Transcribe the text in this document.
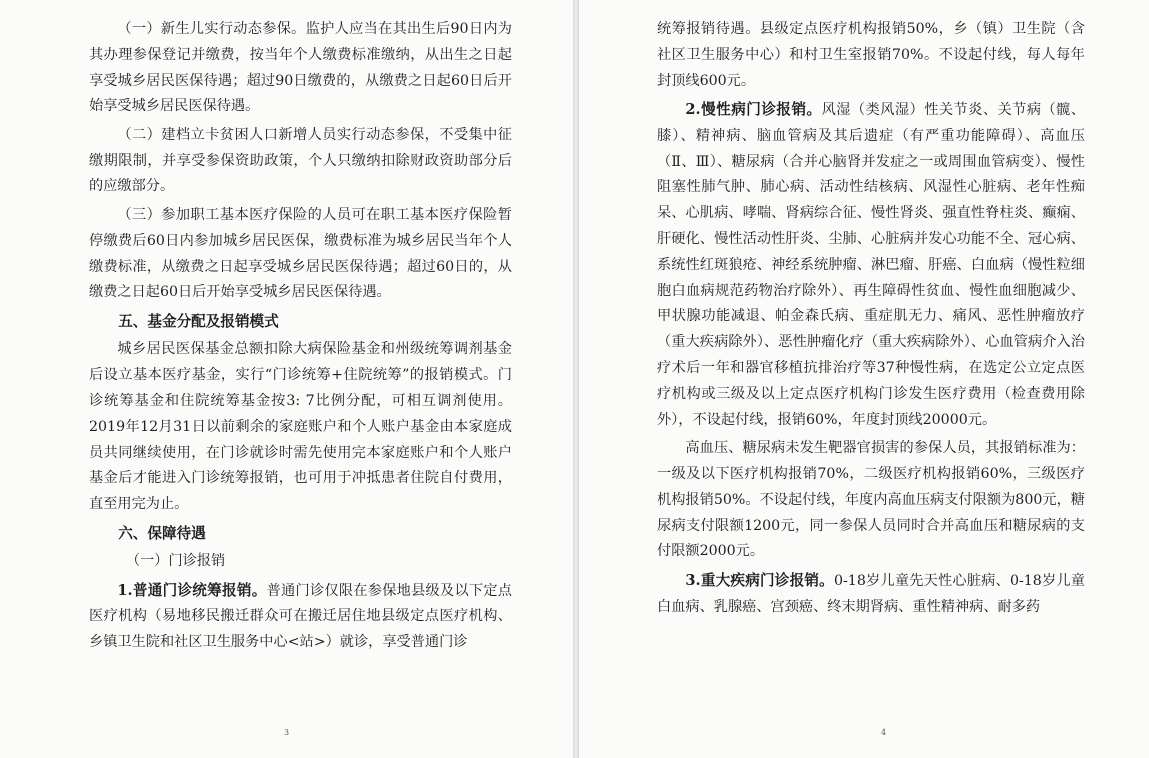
（一）新生儿实行动态参保。监护人应当在其出生后90日内为其办理参保登记并缴费，按当年个人缴费标准缴纳，从出生之日起享受城乡居民医保待遇；超过90日缴费的，从缴费之日起60日后开始享受城乡居民医保待遇。

（二）建档立卡贫困人口新增人员实行动态参保，不受集中征缴期限制，并享受参保资助政策，个人只缴纳扣除财政资助部分后的应缴部分。

（三）参加职工基本医疗保险的人员可在职工基本医疗保险暂停缴费后60日内参加城乡居民医保，缴费标准为城乡居民当年个人缴费标准，从缴费之日起享受城乡居民医保待遇；超过60日的，从缴费之日起60日后开始享受城乡居民医保待遇。

五、基金分配及报销模式

城乡居民医保基金总额扣除大病保险基金和州级统筹调剂基金后设立基本医疗基金，实行“门诊统筹+住院统筹”的报销模式。门诊统筹基金和住院统筹基金按3: 7比例分配，可相互调剂使用。2019年12月31日以前剩余的家庭账户和个人账户基金由本家庭成员共同继续使用，在门诊就诊时需先使用完本家庭账户和个人账户基金后才能进入门诊统筹报销，也可用于冲抵患者住院自付费用，直至用完为止。

六、保障待遇

（一）门诊报销

1.普通门诊统筹报销。普通门诊仅限在参保地县级及以下定点医疗机构（易地移民搬迁群众可在搬迁居住地县级定点医疗机构、乡镇卫生院和社区卫生服务中心<站>）就诊，享受普通门诊

3

统筹报销待遇。县级定点医疗机构报销50%，乡（镇）卫生院（含社区卫生服务中心）和村卫生室报销70%。不设起付线，每人每年封顶线600元。

2.慢性病门诊报销。风湿（类风湿）性关节炎、关节病（髋、膝）、精神病、脑血管病及其后遗症（有严重功能障碍）、高血压（Ⅱ、Ⅲ）、糖尿病（合并心脑肾并发症之一或周围血管病变）、慢性阻塞性肺气肿、肺心病、活动性结核病、风湿性心脏病、老年性痴呆、心肌病、哮喘、肾病综合征、慢性肾炎、强直性脊柱炎、癫痫、肝硬化、慢性活动性肝炎、尘肺、心脏病并发心功能不全、冠心病、系统性红斑狼疮、神经系统肿瘤、淋巴瘤、肝癌、白血病（慢性粒细胞白血病规范药物治疗除外）、再生障碍性贫血、慢性血细胞减少、甲状腺功能减退、帕金森氏病、重症肌无力、痛风、恶性肿瘤放疗（重大疾病除外）、恶性肿瘤化疗（重大疾病除外）、心血管病介入治疗术后一年和器官移植抗排治疗等37种慢性病，在选定公立定点医疗机构或三级及以上定点医疗机构门诊发生医疗费用（检查费用除外），不设起付线，报销60%，年度封顶线20000元。

高血压、糖尿病未发生靶器官损害的参保人员，其报销标准为：一级及以下医疗机构报销70%，二级医疗机构报销60%，三级医疗机构报销50%。不设起付线，年度内高血压病支付限额为800元，糖尿病支付限额1200元，同一参保人员同时合并高血压和糖尿病的支付限额2000元。

3.重大疾病门诊报销。0-18岁儿童先天性心脏病、0-18岁儿童白血病、乳腺癌、宫颈癌、终末期肾病、重性精神病、耐多药

4
